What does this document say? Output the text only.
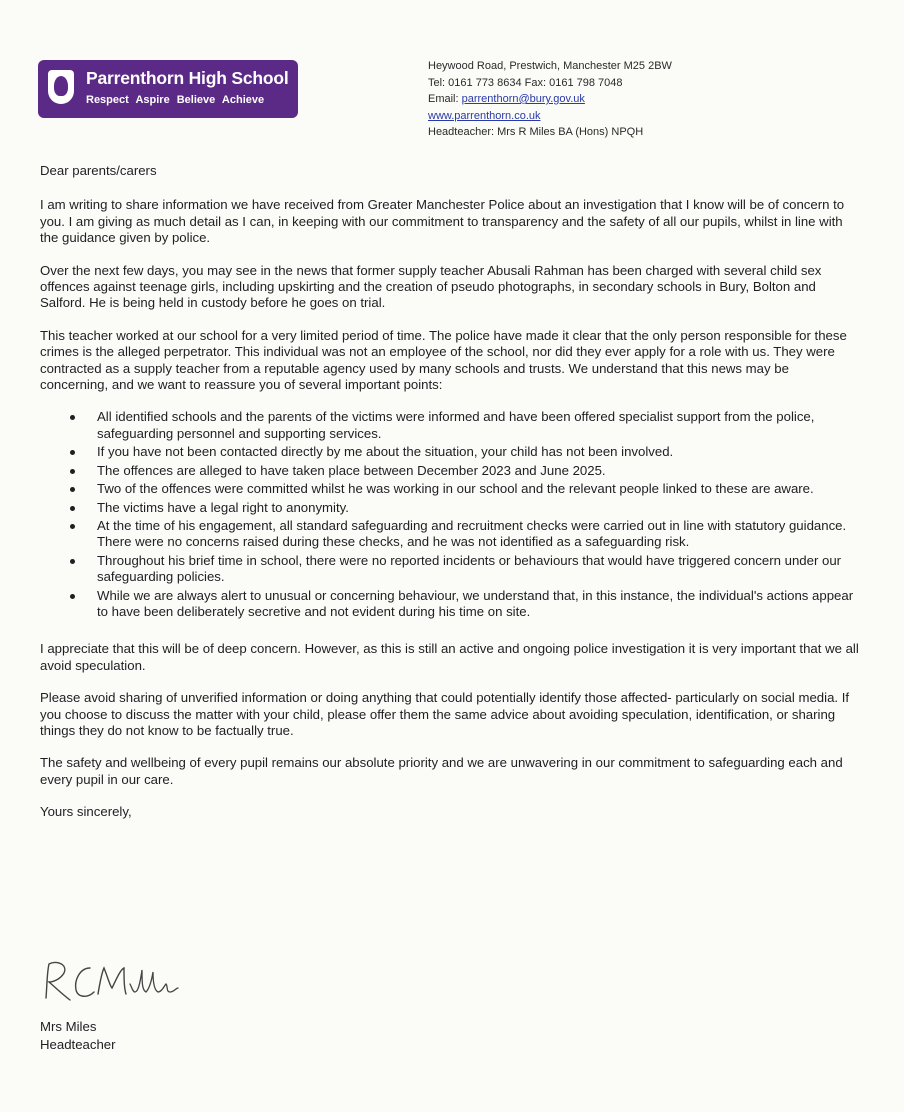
Parrenthorn High School
Respect Aspire Believe Achieve
Heywood Road, Prestwich, Manchester M25 2BW
Tel: 0161 773 8634 Fax: 0161 798 7048
Email: parrenthorn@bury.gov.uk
www.parrenthorn.co.uk
Headteacher: Mrs R Miles BA (Hons) NPQH

Dear parents/carers

I am writing to share information we have received from Greater Manchester Police about an investigation that I know will be of concern to you. I am giving as much detail as I can, in keeping with our commitment to transparency and the safety of all our pupils, whilst in line with the guidance given by police.

Over the next few days, you may see in the news that former supply teacher Abusali Rahman has been charged with several child sex offences against teenage girls, including upskirting and the creation of pseudo photographs, in secondary schools in Bury, Bolton and Salford. He is being held in custody before he goes on trial.

This teacher worked at our school for a very limited period of time. The police have made it clear that the only person responsible for these crimes is the alleged perpetrator. This individual was not an employee of the school, nor did they ever apply for a role with us. They were contracted as a supply teacher from a reputable agency used by many schools and trusts. We understand that this news may be concerning, and we want to reassure you of several important points:

All identified schools and the parents of the victims were informed and have been offered specialist support from the police, safeguarding personnel and supporting services.
If you have not been contacted directly by me about the situation, your child has not been involved.
The offences are alleged to have taken place between December 2023 and June 2025.
Two of the offences were committed whilst he was working in our school and the relevant people linked to these are aware.
The victims have a legal right to anonymity.
At the time of his engagement, all standard safeguarding and recruitment checks were carried out in line with statutory guidance. There were no concerns raised during these checks, and he was not identified as a safeguarding risk.
Throughout his brief time in school, there were no reported incidents or behaviours that would have triggered concern under our safeguarding policies.
While we are always alert to unusual or concerning behaviour, we understand that, in this instance, the individual's actions appear to have been deliberately secretive and not evident during his time on site.

I appreciate that this will be of deep concern. However, as this is still an active and ongoing police investigation it is very important that we all avoid speculation.

Please avoid sharing of unverified information or doing anything that could potentially identify those affected- particularly on social media. If you choose to discuss the matter with your child, please offer them the same advice about avoiding speculation, identification, or sharing things they do not know to be factually true.

The safety and wellbeing of every pupil remains our absolute priority and we are unwavering in our commitment to safeguarding each and every pupil in our care.

Yours sincerely,

Mrs Miles
Headteacher
